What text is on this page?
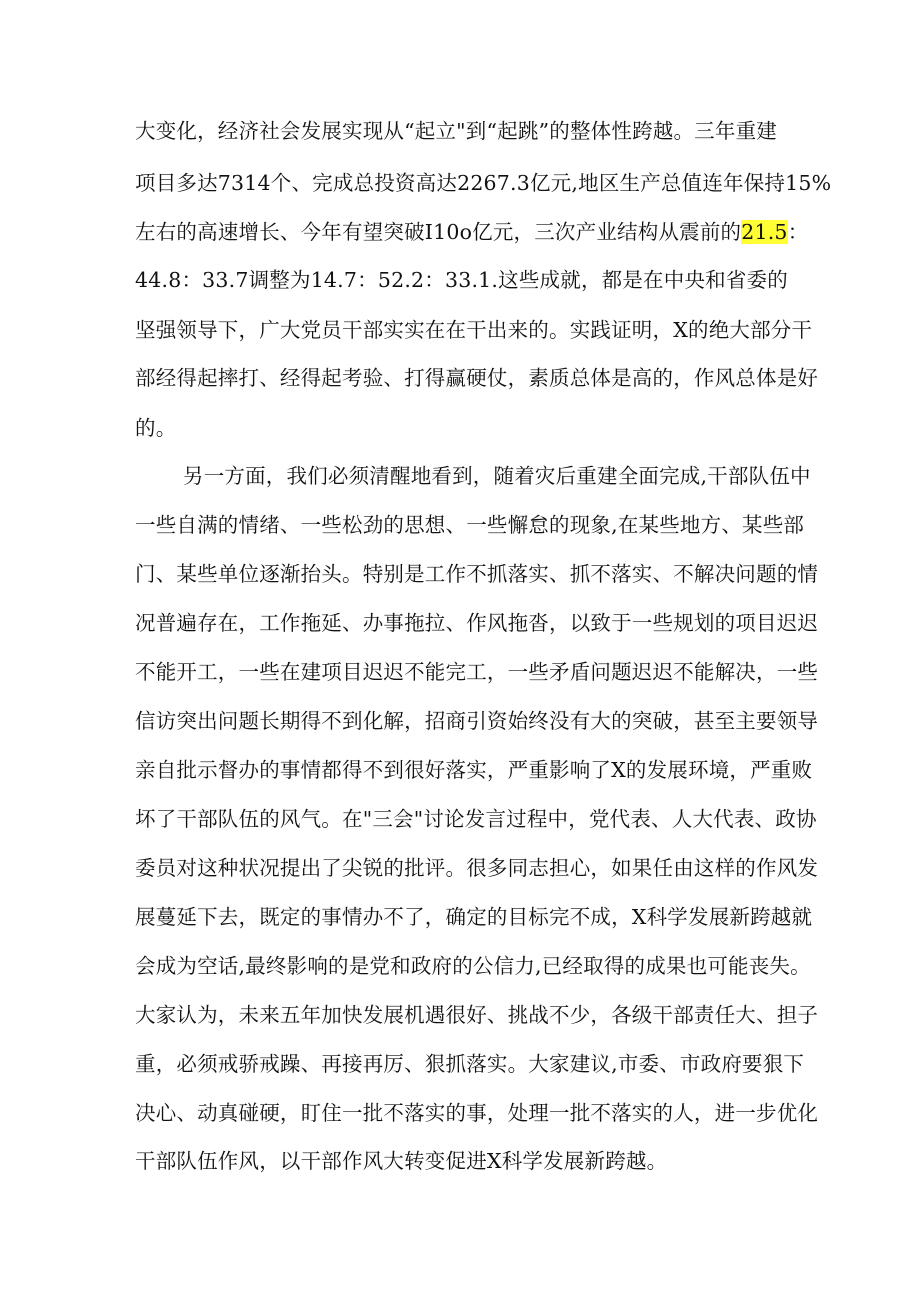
大变化，经济社会发展实现从“起立"到“起跳”的整体性跨越。三年重建
项目多达7314个、完成总投资高达2267.3亿元,地区生产总值连年保持15%
左右的高速增长、今年有望突破I10o亿元，三次产业结构从震前的21.5：
44.8：33.7调整为14.7：52.2：33.1.这些成就，都是在中央和省委的
坚强领导下，广大党员干部实实在在干出来的。实践证明，X的绝大部分干
部经得起摔打、经得起考验、打得赢硬仗，素质总体是高的，作风总体是好
的。
另一方面，我们必须清醒地看到，随着灾后重建全面完成,干部队伍中
一些自满的情绪、一些松劲的思想、一些懈怠的现象,在某些地方、某些部
门、某些单位逐渐抬头。特别是工作不抓落实、抓不落实、不解决问题的情
况普遍存在，工作拖延、办事拖拉、作风拖沓，以致于一些规划的项目迟迟
不能开工，一些在建项目迟迟不能完工，一些矛盾问题迟迟不能解决，一些
信访突出问题长期得不到化解，招商引资始终没有大的突破，甚至主要领导
亲自批示督办的事情都得不到很好落实，严重影响了X的发展环境，严重败
坏了干部队伍的风气。在"三会"讨论发言过程中，党代表、人大代表、政协
委员对这种状况提出了尖锐的批评。很多同志担心，如果任由这样的作风发
展蔓延下去，既定的事情办不了，确定的目标完不成，X科学发展新跨越就
会成为空话,最终影响的是党和政府的公信力,已经取得的成果也可能丧失。
大家认为，未来五年加快发展机遇很好、挑战不少，各级干部责任大、担子
重，必须戒骄戒躁、再接再厉、狠抓落实。大家建议,市委、市政府要狠下
决心、动真碰硬，盯住一批不落实的事，处理一批不落实的人，进一步优化
干部队伍作风，以干部作风大转变促进X科学发展新跨越。
